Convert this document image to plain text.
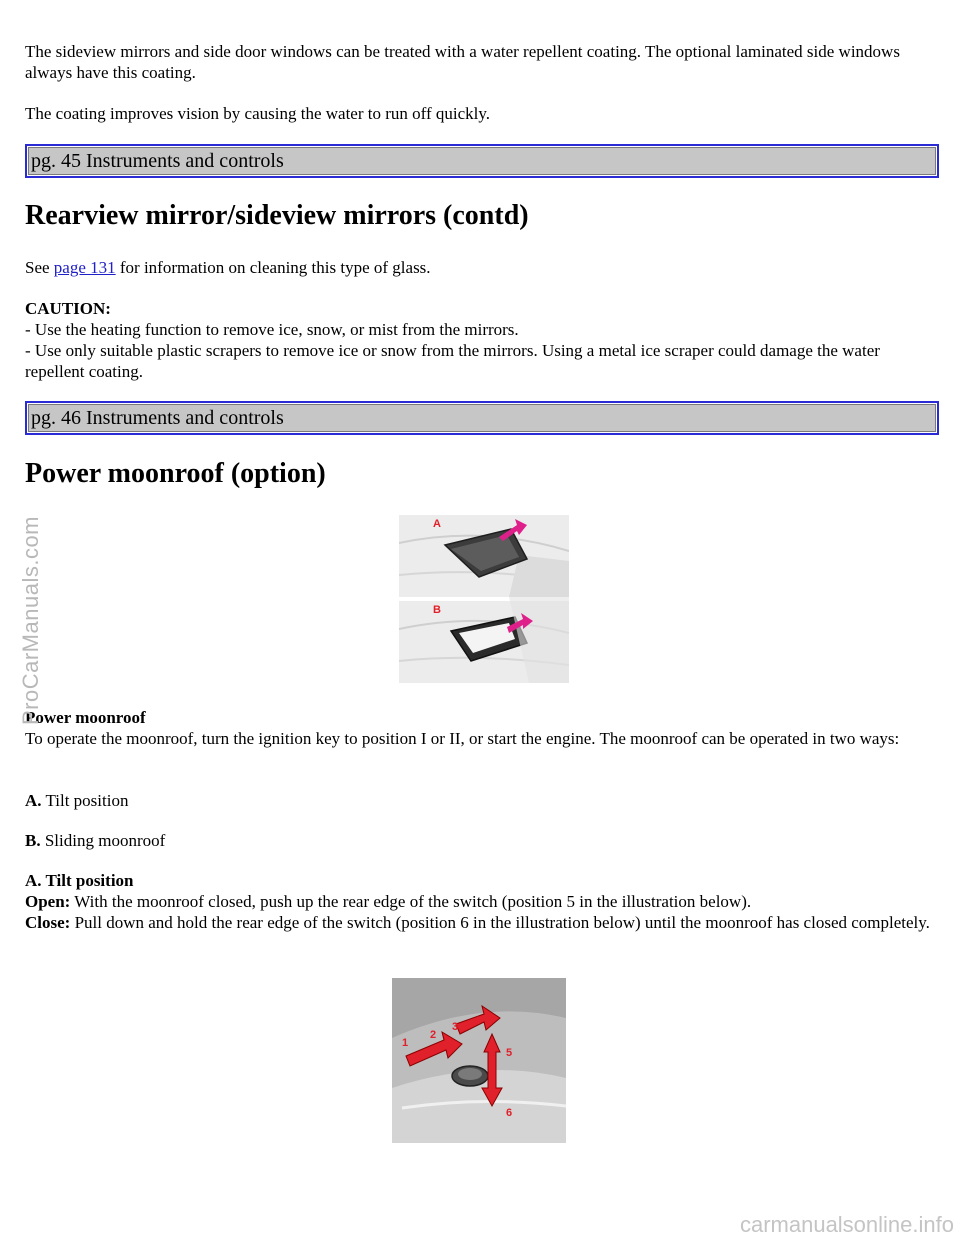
The sideview mirrors and side door windows can be treated with a water repellent coating. The optional laminated side windows always have this coating.

The coating improves vision by causing the water to run off quickly.

pg. 45 Instruments and controls
Rearview mirror/sideview mirrors (contd)

See page 131 for information on cleaning this type of glass.

CAUTION:
- Use the heating function to remove ice, snow, or mist from the mirrors.
- Use only suitable plastic scrapers to remove ice or snow from the mirrors. Using a metal ice scraper could damage the water repellent coating.
pg. 46 Instruments and controls
Power moonroof (option)
A
B
Power moonroof
To operate the moonroof, turn the ignition key to position I or II, or start the engine. The moonroof can be operated in two ways:

A. Tilt position

B. Sliding moonroof

A. Tilt position
Open: With the moonroof closed, push up the rear edge of the switch (position 5 in the illustration below).
Close: Pull down and hold the rear edge of the switch (position 6 in the illustration below) until the moonroof has closed completely.
1
2
3 4
5
6
ProCarManuals.com
carmanualsonline.info
